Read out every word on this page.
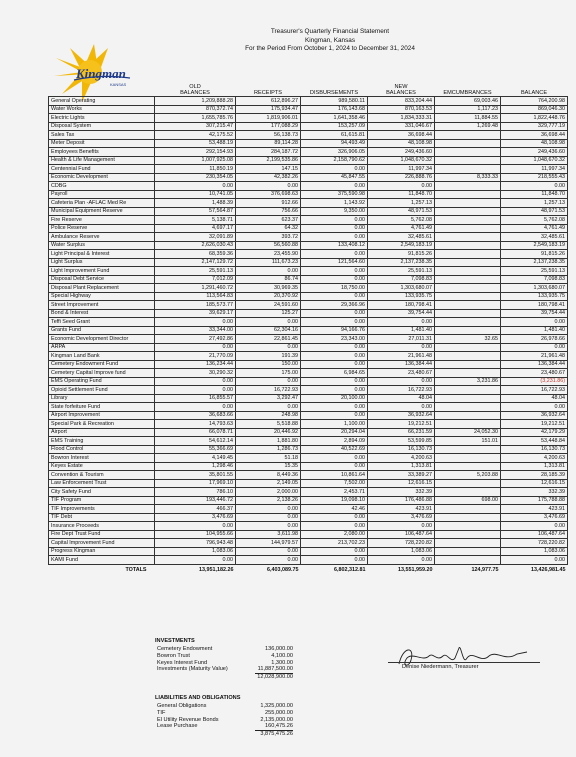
Kingman
KANSAS
Treasurer's Quarterly Financial Statement
Kingman, Kansas
For the Period From October 1, 2024 to December 31, 2024
	OLD
BALANCES	RECEIPTS	DISBURSEMENTS	NEW
BALANCES	EMCUMBRANCES	BALANCE
General Operating	1,209,888.28	612,896.27	989,580.11	833,204.44	69,003.46	764,200.98
Water Works	870,372.74	175,934.47	176,143.68	870,163.53	1,117.23	869,046.30
Electric Lights	1,655,785.76	1,819,906.01	1,641,358.46	1,834,333.31	11,884.55	1,822,448.76
Disposal System	307,215.47	177,088.29	153,257.09	331,046.67	1,269.48	329,777.19
Sales Tax	42,175.52	56,138.73	61,615.81	36,698.44		36,698.44
Meter Deposit	53,488.19	89,114.28	94,493.49	48,108.98		48,108.98
Employees Benefits	292,154.93	284,187.72	326,906.05	249,436.60		249,436.60
Health & Life Management	1,007,925.08	2,199,535.86	2,158,790.62	1,048,670.32		1,048,670.32
Centennial Fund	11,850.19	147.15	0.00	11,997.34		11,997.34
Economic Development	230,354.05	42,382.26	45,847.55	226,888.76	8,333.33	218,555.43
CDBG	0.00	0.00	0.00	0.00		0.00
Payroll	10,741.05	376,698.63	375,590.98	11,848.70		11,848.70
Cafeteria Plan -AFLAC Med Re	1,488.39	912.66	1,143.92	1,257.13		1,257.13
Municipal Equipment Reserve	57,564.87	756.66	9,350.00	48,971.53		48,971.53
Fire Reserve	5,138.71	623.37	0.00	5,762.08		5,762.08
Police Reserve	4,697.17	64.32	0.00	4,761.49		4,761.49
Ambulance Reserve	32,091.89	393.72	0.00	32,485.61		32,485.61
Water Surplus	2,626,030.43	56,560.88	133,408.12	2,549,183.19		2,549,183.19
Light Principal & Interest	68,359.36	23,455.90	0.00	91,815.26		91,815.26
Light Surplus	2,147,129.72	111,673.23	121,564.60	2,137,238.35		2,137,238.35
Light Improvement Fund	25,591.13	0.00	0.00	25,591.13		25,591.13
Disposal Debt Service	7,012.09	86.74	0.00	7,098.83		7,098.83
Disposal Plant Replacement	1,291,460.72	30,969.35	18,750.00	1,303,680.07		1,303,680.07
Special Highway	113,564.83	20,370.92	0.00	133,935.75		133,935.75
Street Improvement	185,573.77	24,591.60	29,366.96	180,798.41		180,798.41
Bond & Interest	39,629.17	125.27	0.00	39,754.44		39,754.44
Teffi Seed Grant	0.00	0.00	0.00	0.00		0.00
Grants Fund	33,344.00	62,304.16	94,166.76	1,481.40		1,481.40
Economic Development Director	27,492.86	22,861.45	23,343.00	27,011.31	32.65	26,978.66
ARPA	0.00	0.00	0.00	0.00		0.00
Kingman Land Bank	21,770.09	191.39	0.00	21,961.48		21,961.48
Cemetery Endowment Fund	136,234.44	150.00	0.00	136,384.44		136,384.44
Cemetery Capital Improve fund	30,290.32	175.00	6,984.65	23,480.67		23,480.67
EMS Operating Fund	0.00	0.00	0.00	0.00	3,231.86	(3,231.86)
Opioid Settlement Fund	0.00	16,722.93	0.00	16,722.93		16,722.93
Library	16,855.57	3,292.47	20,100.00	48.04		48.04
State forfeiture Fund	0.00	0.00	0.00	0.00		0.00
Airport Improvement	36,683.66	248.98	0.00	36,932.64		36,932.64
Special Park & Recreation	14,793.63	5,518.88	1,100.00	19,212.51		19,212.51
Airport	66,078.71	20,446.92	20,294.04	66,231.59	24,052.30	42,179.29
EMS Training	54,612.14	1,881.80	2,894.09	53,599.85	151.01	53,448.84
Flood Control	55,366.69	1,286.73	40,522.69	16,130.73		16,130.73
Bowron Interest	4,149.45	51.18	0.00	4,200.63		4,200.63
Keyes Estate	1,298.46	15.35	0.00	1,313.81		1,313.81
Convention & Tourism	35,801.55	8,449.36	10,861.64	33,389.27	5,203.88	28,185.39
Law Enforcement Trust	17,969.10	2,149.05	7,502.00	12,616.15		12,616.15
City Safety Fund	786.10	2,000.00	2,453.71	332.39		332.39
TIF Program	193,446.72	2,138.26	19,098.10	176,486.88	698.00	175,788.88
TIF Improvements	466.37	0.00	42.46	423.91		423.91
TIF Debt	3,476.69	0.00	0.00	3,476.69		3,476.69
Insurance Proceeds	0.00	0.00	0.00	0.00		0.00
Fire Dept Trust Fund	104,955.66	3,611.98	2,080.00	106,487.64		106,487.64
Capital Improvement Fund	796,943.48	144,979.57	213,702.23	728,220.82		728,220.82
Progress Kingman	1,083.06	0.00	0.00	1,083.06		1,083.06
KAMI Fund	0.00	0.00	0.00	0.00		0.00
TOTALS	13,951,182.26	6,403,089.75	6,802,312.81	13,551,959.20	124,977.75	13,426,981.45
INVESTMENTS
Cemetery Endowment	136,000.00
Bowron Trust	4,100.00
Keyes Interest Fund	1,300.00
Investments (Maturity Value)	11,887,500.00
12,028,900.00
LIABILITIES AND OBLIGATIONS
General Obligations	1,325,000.00
TIF	255,000.00
El Utility Revenue Bonds	2,135,000.00
Lease Purchase	160,475.26
3,875,475.26
Denise Niedermann, Treasurer
